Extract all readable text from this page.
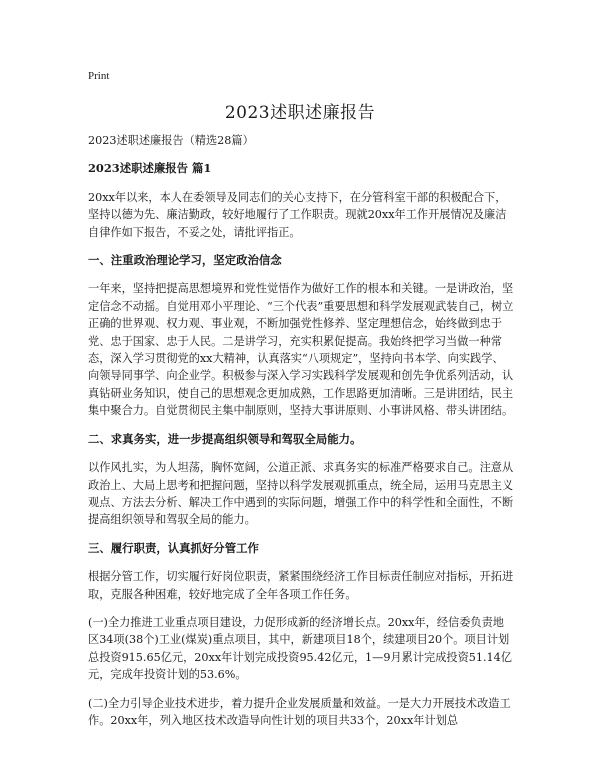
Print
2023述职述廉报告

2023述职述廉报告（精选28篇）

2023述职述廉报告 篇1

20xx年以来，本人在委领导及同志们的关心支持下，在分管科室干部的积极配合下，坚持以德为先、廉洁勤政，较好地履行了工作职责。现就20xx年工作开展情况及廉洁自律作如下报告，不妥之处，请批评指正。

一、注重政治理论学习，坚定政治信念

一年来，坚持把提高思想境界和党性觉悟作为做好工作的根本和关键。一是讲政治，坚定信念不动摇。自觉用邓小平理论、“三个代表”重要思想和科学发展观武装自己，树立正确的世界观、权力观、事业观，不断加强党性修养、坚定理想信念，始终做到忠于党、忠于国家、忠于人民。二是讲学习，充实积累促提高。我始终把学习当做一种常态，深入学习贯彻党的xx大精神，认真落实“八项规定”，坚持向书本学、向实践学、向领导同事学、向企业学。积极参与深入学习实践科学发展观和创先争优系列活动，认真钻研业务知识，使自己的思想观念更加成熟，工作思路更加清晰。三是讲团结，民主集中聚合力。自觉贯彻民主集中制原则，坚持大事讲原则、小事讲风格、带头讲团结。

二、求真务实，进一步提高组织领导和驾驭全局能力。

以作风扎实，为人坦荡，胸怀宽阔，公道正派、求真务实的标准严格要求自己。注意从政治上、大局上思考和把握问题，坚持以科学发展观抓重点，统全局，运用马克思主义观点、方法去分析、解决工作中遇到的实际问题，增强工作中的科学性和全面性，不断提高组织领导和驾驭全局的能力。

三、履行职责，认真抓好分管工作

根据分管工作，切实履行好岗位职责，紧紧围绕经济工作目标责任制应对指标，开拓进取，克服各种困难，较好地完成了全年各项工作任务。

(一)全力推进工业重点项目建设，力促形成新的经济增长点。20xx年，经信委负责地区34项(38个)工业(煤炭)重点项目，其中，新建项目18个，续建项目20个。项目计划总投资915.65亿元，20xx年计划完成投资95.42亿元，1—9月累计完成投资51.14亿元，完成年投资计划的53.6%。

(二)全力引导企业技术进步，着力提升企业发展质量和效益。一是大力开展技术改造工作。20xx年，列入地区技术改造导向性计划的项目共33个，20xx年计划总
